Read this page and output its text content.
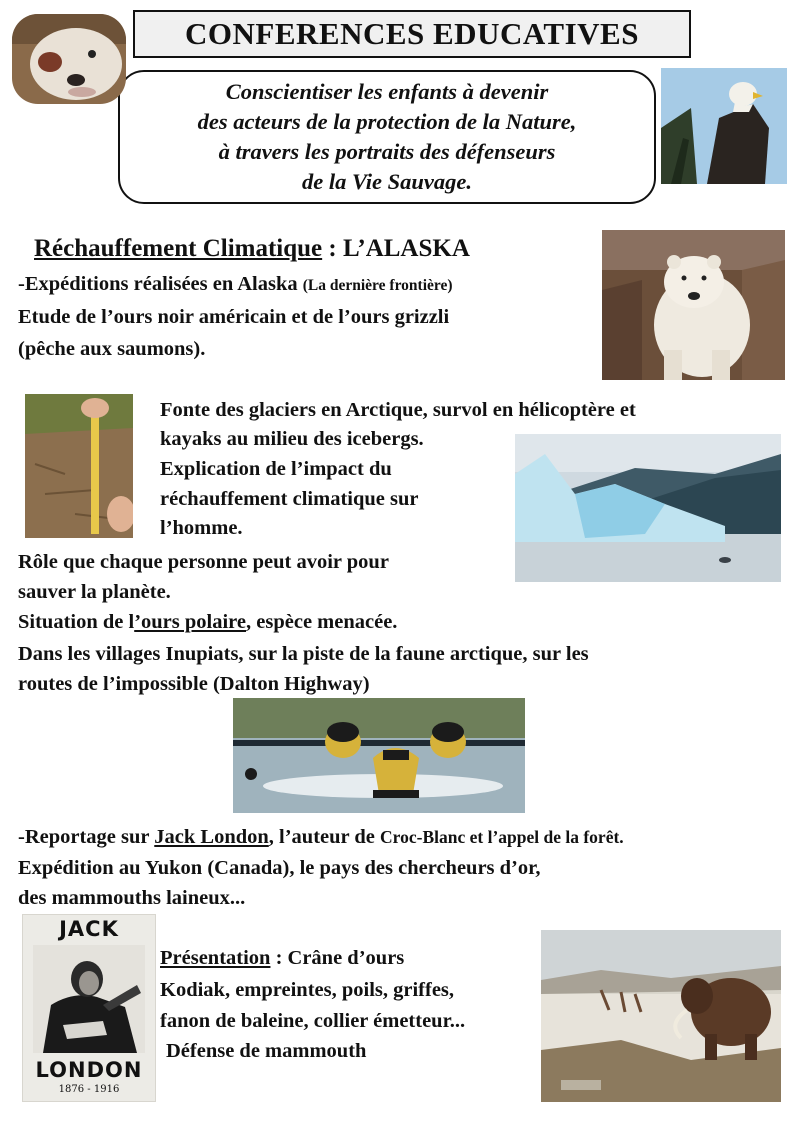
CONFERENCES EDUCATIVES
Conscientiser les enfants à devenir
des acteurs de la protection de la Nature,
à travers les portraits des défenseurs
de la Vie Sauvage.
Réchauffement Climatique : L’ALASKA
-Expéditions réalisées en Alaska (La dernière frontière)
Etude de l’ours noir américain et de l’ours grizzli
(pêche aux saumons).
Fonte des glaciers en Arctique, survol en hélicoptère et
kayaks au milieu des icebergs.
Explication de l’impact du
réchauffement climatique sur
l’homme.
Rôle que chaque personne peut avoir pour
sauver la planète.
Situation de l’ours polaire, espèce menacée.
Dans les villages Inupiats, sur la piste de la faune arctique, sur les
routes de l’impossible (Dalton Highway)
-Reportage sur Jack London, l’auteur de Croc-Blanc et l’appel de la forêt.
Expédition au Yukon (Canada), le pays des chercheurs d’or,
des mammouths laineux...
JACK
LONDON
1876 - 1916
Présentation : Crâne d’ours
Kodiak, empreintes, poils, griffes,
fanon de baleine, collier émetteur...
Défense de mammouth
